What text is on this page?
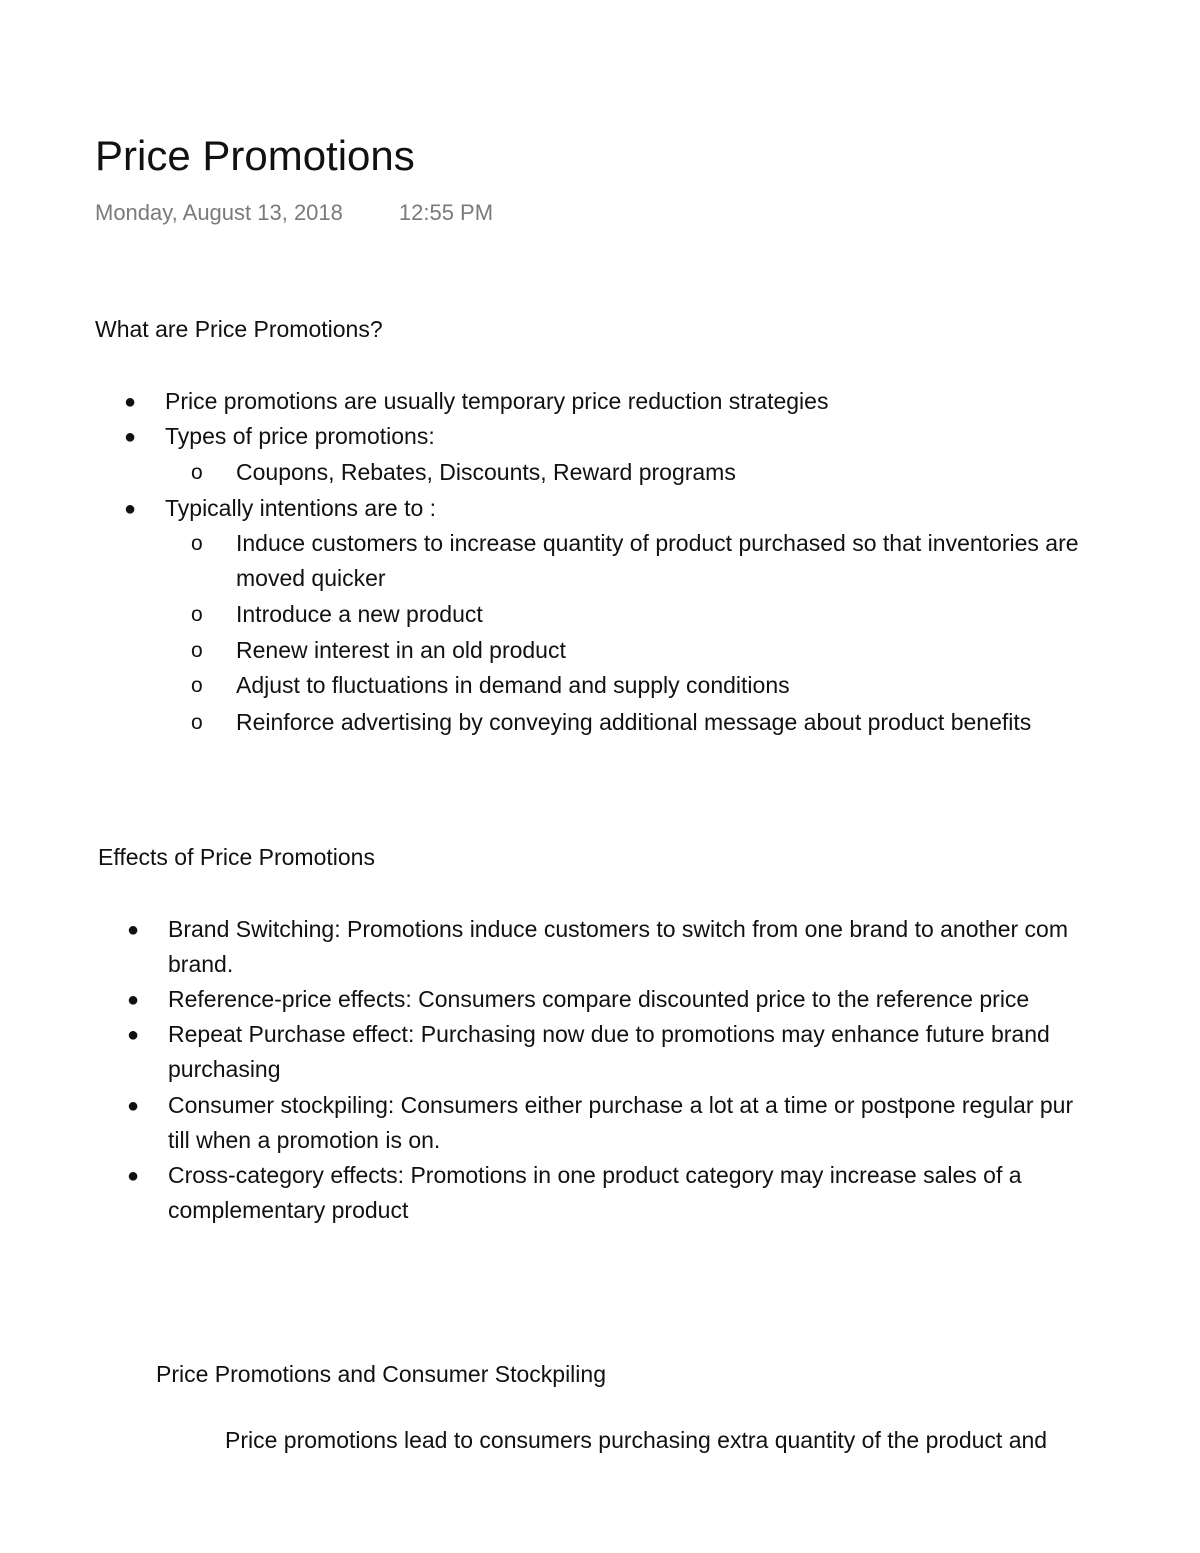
Price Promotions
Monday, August 13, 2018	12:55 PM
What are Price Promotions?
● Price promotions are usually temporary price reduction strategies
● Types of price promotions:
o Coupons, Rebates, Discounts, Reward programs
● Typically intentions are to :
o Induce customers to increase quantity of product purchased so that inventories are
moved quicker
o Introduce a new product
o Renew interest in an old product
o Adjust to fluctuations in demand and supply conditions
o Reinforce advertising by conveying additional message about product benefits
Effects of Price Promotions
● Brand Switching: Promotions induce customers to switch from one brand to another com
brand.
● Reference-price effects: Consumers compare discounted price to the reference price
● Repeat Purchase effect: Purchasing now due to promotions may enhance future brand
purchasing
● Consumer stockpiling: Consumers either purchase a lot at a time or postpone regular pur
till when a promotion is on.
● Cross-category effects: Promotions in one product category may increase sales of a
complementary product
Price Promotions and Consumer Stockpiling
Price promotions lead to consumers purchasing extra quantity of the product and
